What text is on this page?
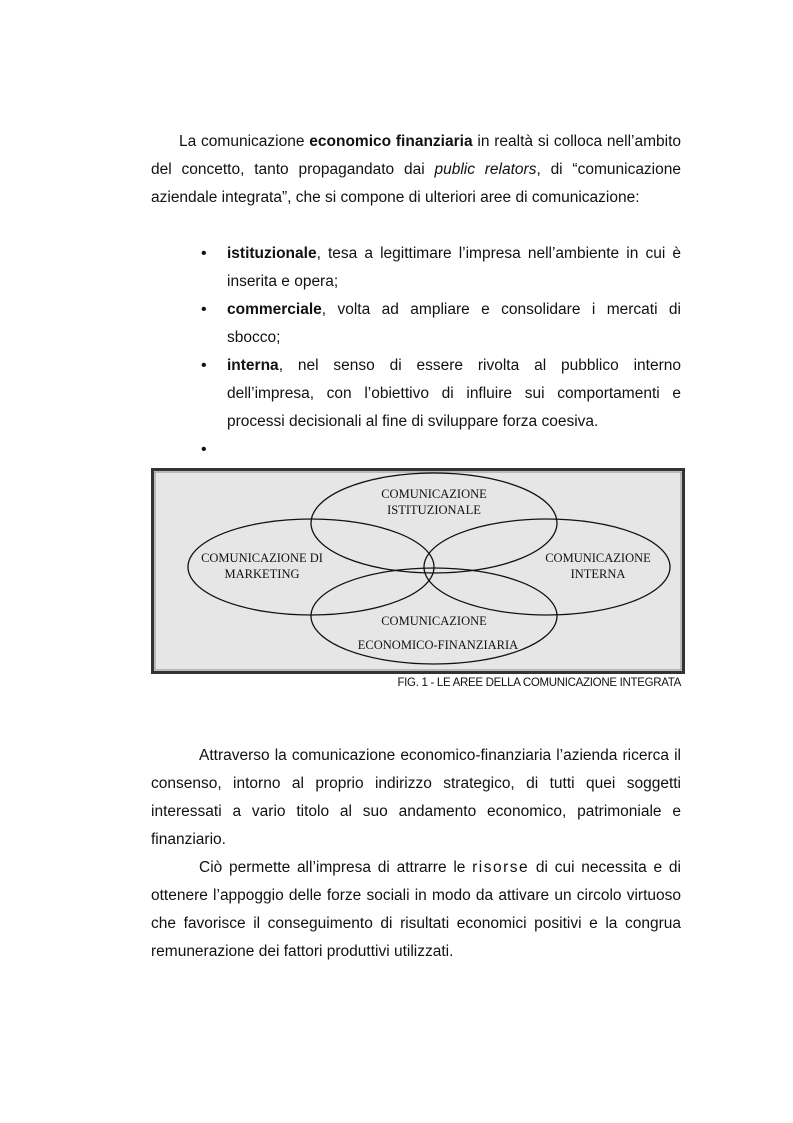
La comunicazione economico finanziaria in realtà si colloca nell’ambito del concetto, tanto propagandato dai public relators, di “comunicazione aziendale integrata”, che si compone di ulteriori aree di comunicazione:

• istituzionale, tesa a legittimare l’impresa nell’ambiente in cui è inserita e opera;
• commerciale, volta ad ampliare e consolidare i mercati di sbocco;
• interna, nel senso di essere rivolta al pubblico interno dell’impresa, con l’obiettivo di influire sui comportamenti e processi decisionali al fine di sviluppare forza coesiva.
•

COMUNICAZIONE
ISTITUZIONALE
COMUNICAZIONE DI
MARKETING
COMUNICAZIONE
INTERNA
COMUNICAZIONE
ECONOMICO-FINANZIARIA
FIG. 1 - LE AREE DELLA COMUNICAZIONE INTEGRATA

Attraverso la comunicazione economico-finanziaria l’azienda ricerca il consenso, intorno al proprio indirizzo strategico, di tutti quei soggetti interessati a vario titolo al suo andamento economico, patrimoniale e finanziario.

Ciò permette all’impresa di attrarre le risorse di cui necessita e di ottenere l’appoggio delle forze sociali in modo da attivare un circolo virtuoso che favorisce il conseguimento di risultati economici positivi e la congrua remunerazione dei fattori produttivi utilizzati.
